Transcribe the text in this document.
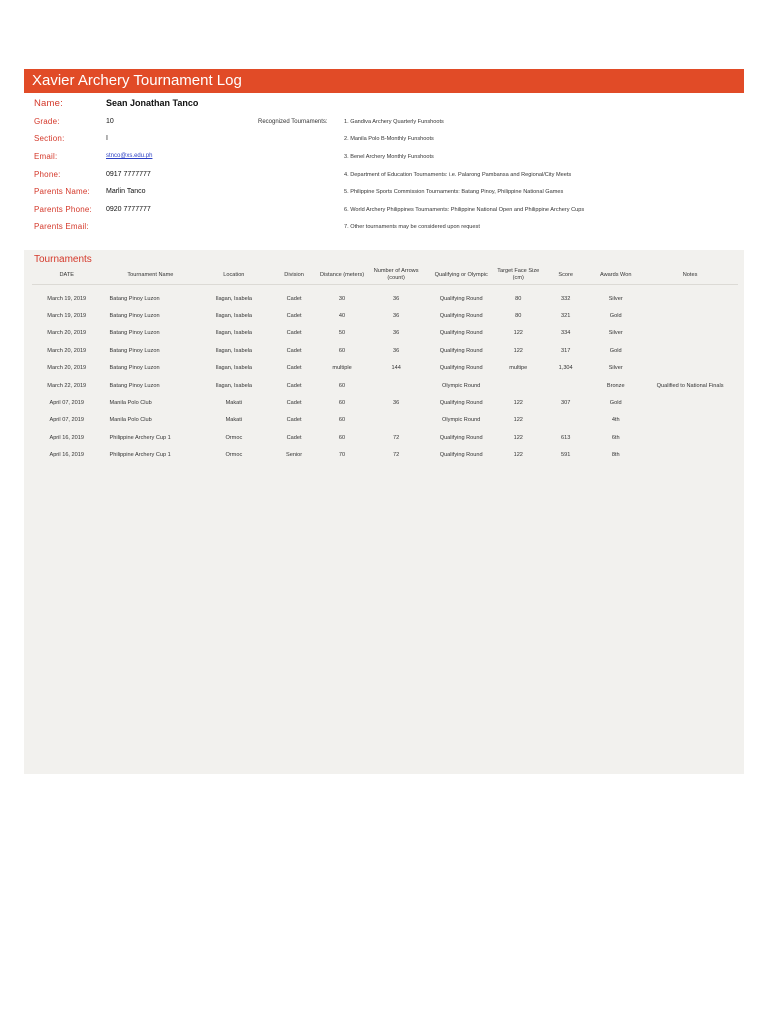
Xavier Archery Tournament Log
Name:	Sean Jonathan Tanco
Grade:	10
Section:	I
Email:	stnco@xs.edu.ph
Phone:	0917 7777777
Parents Name:	Marlin Tanco
Parents Phone:	0920 7777777
Parents Email:
Recognized Tournaments:	1. Gandiva Archery Quarterly Funshoots
2. Manila Polo B-Monthly Funshoots
3. Benel Archery Monthly Funshoots
4. Department of Education Tournaments: i.e. Palarong Pambansa and Regional/City Meets
5. Philippine Sports Commission Tournaments: Batang Pinoy, Philippine National Games
6. World Archery Philippines Tournaments: Philippine National Open and Philippine Archery Cups
7. Other tournaments may be considered upon request
Tournaments
DATE	Tournament Name	Location	Division	Distance (meters)	Number of Arrows (count)	Qualifying or Olympic	Target Face Size (cm)	Score	Awards Won	Notes
March 19, 2019	Batang Pinoy Luzon	Ilagan, Isabela	Cadet	30	36	Qualifying Round	80	332	Silver	
March 19, 2019	Batang Pinoy Luzon	Ilagan, Isabela	Cadet	40	36	Qualifying Round	80	321	Gold	
March 20, 2019	Batang Pinoy Luzon	Ilagan, Isabela	Cadet	50	36	Qualifying Round	122	334	Silver	
March 20, 2019	Batang Pinoy Luzon	Ilagan, Isabela	Cadet	60	36	Qualifying Round	122	317	Gold	
March 20, 2019	Batang Pinoy Luzon	Ilagan, Isabela	Cadet	multiple	144	Qualifying Round	multipe	1,304	Silver	
March 22, 2019	Batang Pinoy Luzon	Ilagan, Isabela	Cadet	60		Olympic Round			Bronze	Qualified to National Finals
April 07, 2019	Manila Polo Club	Makati	Cadet	60	36	Qualifying Round	122	307	Gold	
April 07, 2019	Manila Polo Club	Makati	Cadet	60		Olympic Round	122		4th	
April 16, 2019	Philippine Archery Cup 1	Ormoc	Cadet	60	72	Qualifying Round	122	613	6th	
April 16, 2019	Philippine Archery Cup 1	Ormoc	Senior	70	72	Qualifying Round	122	591	8th	
